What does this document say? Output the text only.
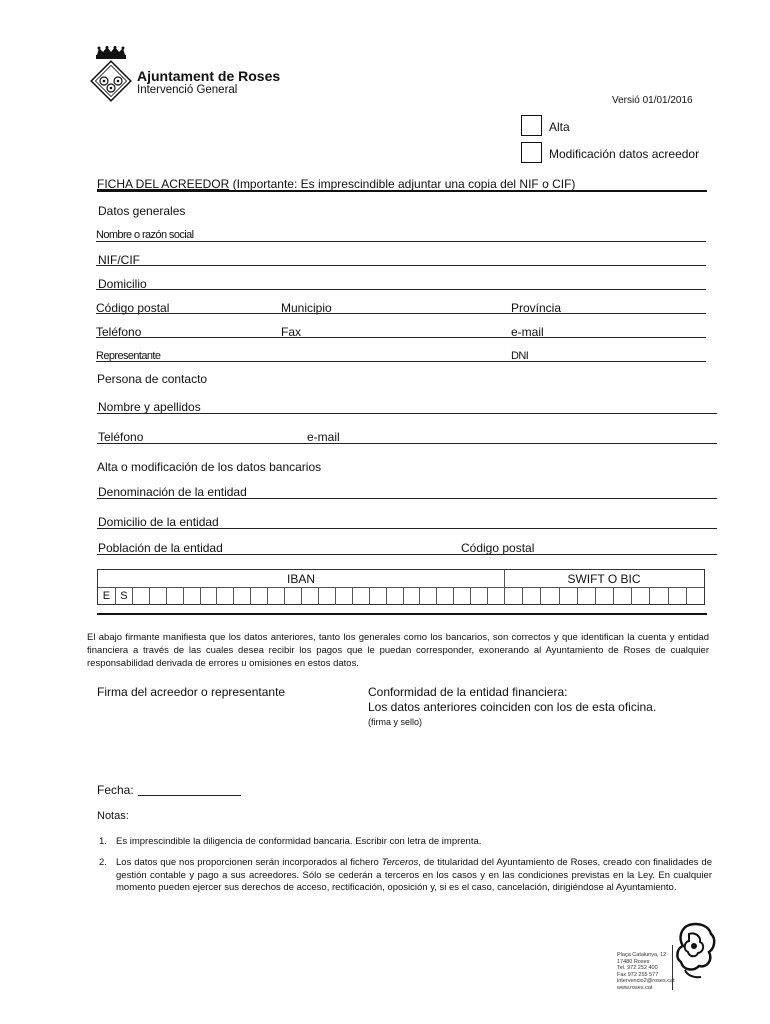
Ajuntament de Roses
Intervenció General
Versió 01/01/2016
Alta
Modificación datos acreedor
FICHA DEL ACREEDOR (Importante: Es imprescindible adjuntar una copia del NIF o CIF)
Datos generales
Nombre o razón social
NIF/CIF
Domicilio
Código postal	Municipio	Província
Teléfono	Fax	e-mail
Representante	DNI
Persona de contacto
Nombre y apellidos
Teléfono	e-mail
Alta o modificación de los datos bancarios
Denominación de la entidad
Domicilio de la entidad
Población de la entidad	Código postal
IBAN	SWIFT O BIC
E S
El abajo firmante manifiesta que los datos anteriores, tanto los generales como los bancarios, son correctos y que identifican la cuenta y entidad financiera a través de las cuales desea recibir los pagos que le puedan corresponder, exonerando al Ayuntamiento de Roses de cualquier responsabilidad derivada de errores u omisiones en estos datos.
Firma del acreedor o representante	Conformidad de la entidad financiera:
Los datos anteriores coinciden con los de esta oficina.
(firma y sello)
Fecha:
Notas:
1. Es imprescindible la diligencia de conformidad bancaria. Escribir con letra de imprenta.
2. Los datos que nos proporcionen serán incorporados al fichero Terceros, de titularidad del Ayuntamiento de Roses, creado con finalidades de gestión contable y pago a sus acreedores. Sólo se cederán a terceros en los casos y en las condiciones previstas en la Ley. En cualquier momento pueden ejercer sus derechos de acceso, rectificación, oposición y, si es el caso, cancelación, dirigiéndose al Ayuntamiento.
Plaça Catalunya, 12
17480 Roses
Tel. 972 252 400
Fax 972 255 577
intervencio2@roses.cat
www.roses.cat
